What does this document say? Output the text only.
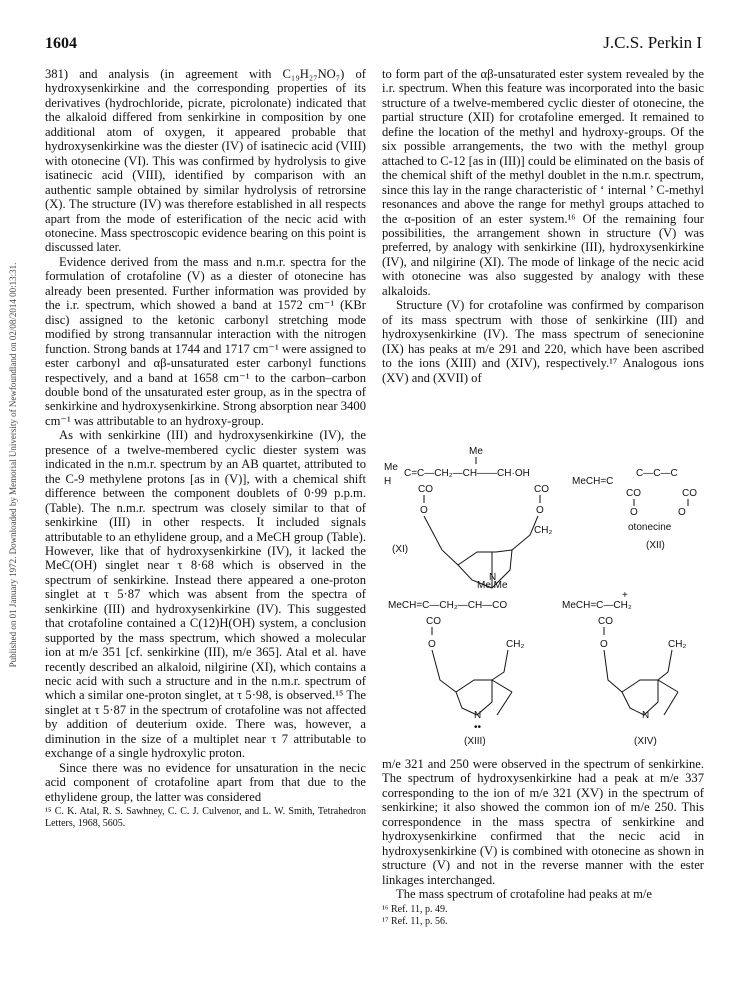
1604	J.C.S. Perkin I
Published on 01 January 1972. Downloaded by Memorial University of Newfoundland on 02/08/2014 00:13:31.

381) and analysis (in agreement with C₁₉H₂₇NO₇) of hydroxysenkirkine and the corresponding properties of its derivatives (hydrochloride, picrate, picrolonate) indicated that the alkaloid differed from senkirkine in composition by one additional atom of oxygen, it appeared probable that hydroxysenkirkine was the diester (IV) of isatinecic acid (VIII) with otonecine (VI). This was confirmed by hydrolysis to give isatinecic acid (VIII), identified by comparison with an authentic sample obtained by similar hydrolysis of retrorsine (X). The structure (IV) was therefore established in all respects apart from the mode of esterification of the necic acid with otonecine. Mass spectroscopic evidence bearing on this point is discussed later.

Evidence derived from the mass and n.m.r. spectra for the formulation of crotafoline (V) as a diester of otonecine has already been presented. Further information was provided by the i.r. spectrum, which showed a band at 1572 cm⁻¹ (KBr disc) assigned to the ketonic carbonyl stretching mode modified by strong transannular interaction with the nitrogen function. Strong bands at 1744 and 1717 cm⁻¹ were assigned to ester carbonyl and αβ-unsaturated ester carbonyl functions respectively, and a band at 1658 cm⁻¹ to the carbon–carbon double bond of the unsaturated ester group, as in the spectra of senkirkine and hydroxysenkirkine. Strong absorption near 3400 cm⁻¹ was attributable to an hydroxy-group.

As with senkirkine (III) and hydroxysenkirkine (IV), the presence of a twelve-membered cyclic diester system was indicated in the n.m.r. spectrum by an AB quartet, attributed to the C-9 methylene protons [as in (V)], with a chemical shift difference between the component doublets of 0·99 p.p.m. (Table). The n.m.r. spectrum was closely similar to that of senkirkine (III) in other respects. It included signals attributable to an ethylidene group, and a MeCH group (Table). However, like that of hydroxysenkirkine (IV), it lacked the MeC(OH) singlet near τ 8·68 which is observed in the spectrum of senkirkine. Instead there appeared a one-proton singlet at τ 5·87 which was absent from the spectra of senkirkine (III) and hydroxysenkirkine (IV). This suggested that crotafoline contained a C(12)H(OH) system, a conclusion supported by the mass spectrum, which showed a molecular ion at m/e 351 [cf. senkirkine (III), m/e 365]. Atal et al. have recently described an alkaloid, nilgirine (XI), which contains a necic acid with such a structure and in the n.m.r. spectrum of which a similar one-proton singlet, at τ 5·98, is observed.¹⁵ The singlet at τ 5·87 in the spectrum of crotafoline was not affected by addition of deuterium oxide. There was, however, a diminution in the size of a multiplet near τ 7 attributable to exchange of a single hydroxylic proton.

Since there was no evidence for unsaturation in the necic acid component of crotafoline apart from that due to the ethylidene group, the latter was considered

¹⁵ C. K. Atal, R. S. Sawhney, C. C. J. Culvenor, and L. W. Smith, Tetrahedron Letters, 1968, 5605.

to form part of the αβ-unsaturated ester system revealed by the i.r. spectrum. When this feature was incorporated into the basic structure of a twelve-membered cyclic diester of otonecine, the partial structure (XII) for crotafoline emerged. It remained to define the location of the methyl and hydroxy-groups. Of the six possible arrangements, the two with the methyl group attached to C-12 [as in (III)] could be eliminated on the basis of the chemical shift of the methyl doublet in the n.m.r. spectrum, since this lay in the range characteristic of ‘ internal ’ C-methyl resonances and above the range for methyl groups attached to the α-position of an ester system.¹⁶ Of the remaining four possibilities, the arrangement shown in structure (V) was preferred, by analogy with senkirkine (III), hydroxysenkirkine (IV), and nilgirine (XI). The mode of linkage of the necic acid with otonecine was also suggested by analogy with these alkaloids.

Structure (V) for crotafoline was confirmed by comparison of its mass spectrum with those of senkirkine (III) and hydroxysenkirkine (IV). The mass spectrum of senecionine (IX) has peaks at m/e 291 and 220, which have been ascribed to the ions (XIII) and (XIV), respectively.¹⁷ Analogous ions (XV) and (XVII) of

Me
Me
H
C=C—CH₂—CH——CH·OH
CO	CO
O	O
CH₂
N
(XI)
MeCH=C
C—C—C
CO	CO
O	O
otonecine
(XII)
Me Me
MeCH=C—CH₂—CH—CO
CO
O	CH₂
N
••
(XIII)
+
MeCH=C—CH₂
CO
O	CH₂
N
(XIV)

m/e 321 and 250 were observed in the spectrum of senkirkine. The spectrum of hydroxysenkirkine had a peak at m/e 337 corresponding to the ion of m/e 321 (XV) in the spectrum of senkirkine; it also showed the common ion of m/e 250. This correspondence in the mass spectra of senkirkine and hydroxysenkirkine confirmed that the necic acid in hydroxysenkirkine (V) is combined with otonecine as shown in structure (V) and not in the reverse manner with the ester linkages interchanged.

The mass spectrum of crotafoline had peaks at m/e

¹⁶ Ref. 11, p. 49.

¹⁷ Ref. 11, p. 56.
